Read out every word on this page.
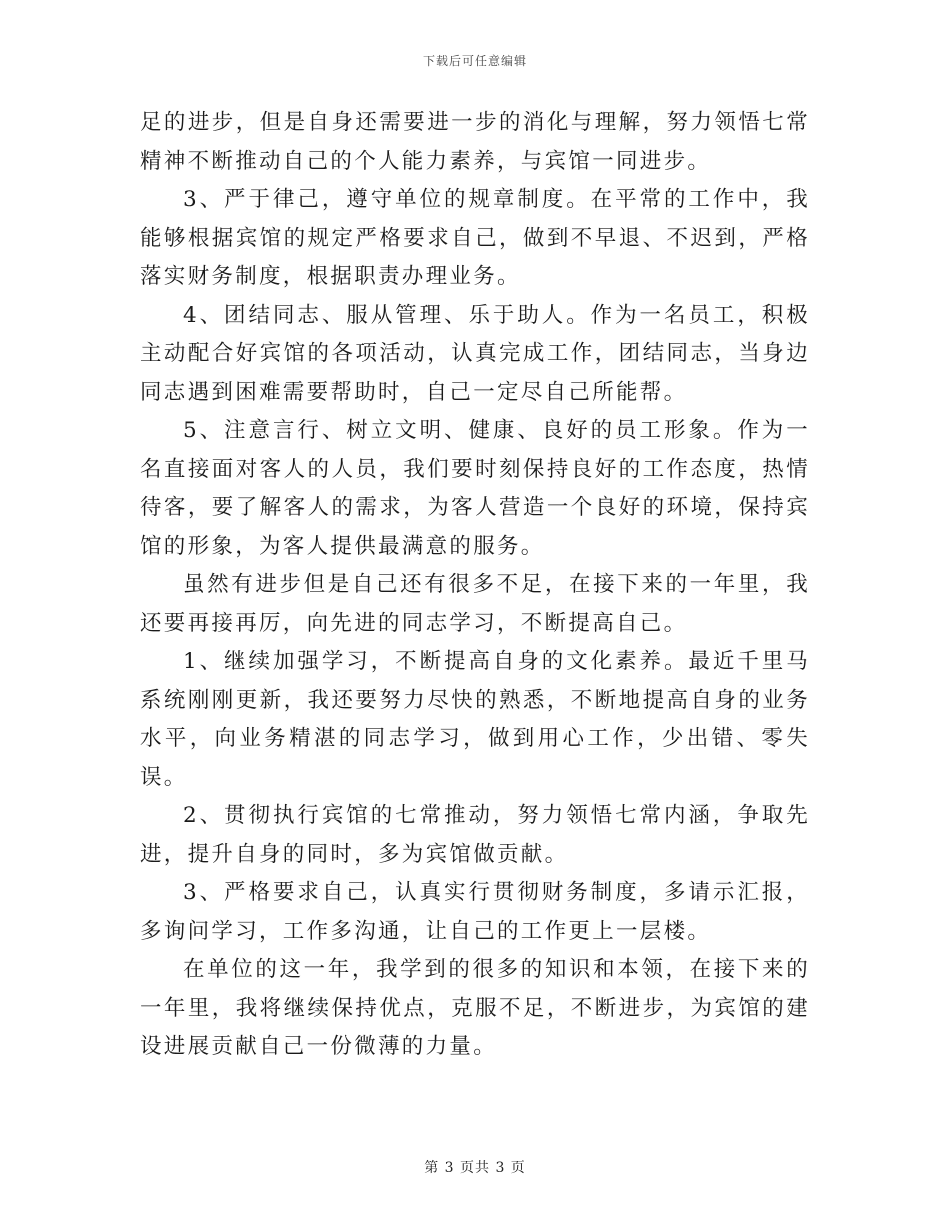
下载后可任意编辑

足的进步，但是自身还需要进一步的消化与理解，努力领悟七常精神不断推动自己的个人能力素养，与宾馆一同进步。

3、严于律己，遵守单位的规章制度。在平常的工作中，我能够根据宾馆的规定严格要求自己，做到不早退、不迟到，严格落实财务制度，根据职责办理业务。

4、团结同志、服从管理、乐于助人。作为一名员工，积极主动配合好宾馆的各项活动，认真完成工作，团结同志，当身边同志遇到困难需要帮助时，自己一定尽自己所能帮。

5、注意言行、树立文明、健康、良好的员工形象。作为一名直接面对客人的人员，我们要时刻保持良好的工作态度，热情待客，要了解客人的需求，为客人营造一个良好的环境，保持宾馆的形象，为客人提供最满意的服务。

虽然有进步但是自己还有很多不足，在接下来的一年里，我还要再接再厉，向先进的同志学习，不断提高自己。

1、继续加强学习，不断提高自身的文化素养。最近千里马系统刚刚更新，我还要努力尽快的熟悉，不断地提高自身的业务水平，向业务精湛的同志学习，做到用心工作，少出错、零失误。

2、贯彻执行宾馆的七常推动，努力领悟七常内涵，争取先进，提升自身的同时，多为宾馆做贡献。

3、严格要求自己，认真实行贯彻财务制度，多请示汇报，多询问学习，工作多沟通，让自己的工作更上一层楼。

在单位的这一年，我学到的很多的知识和本领，在接下来的一年里，我将继续保持优点，克服不足，不断进步，为宾馆的建设进展贡献自己一份微薄的力量。

第 3 页共 3 页
